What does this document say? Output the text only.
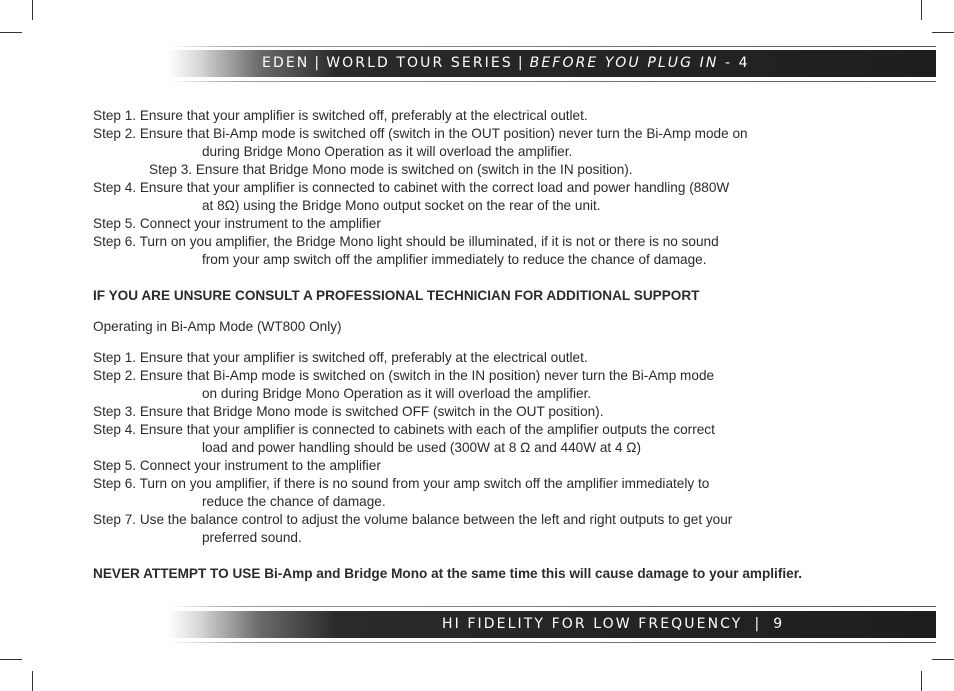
EDEN | WORLD TOUR SERIES | BEFORE YOU PLUG IN - 4
Step 1. Ensure that your amplifier is switched off, preferably at the electrical outlet.
Step 2. Ensure that Bi-Amp mode is switched off (switch in the OUT position) never turn the Bi-Amp mode on
during Bridge Mono Operation as it will overload the amplifier.
Step 3. Ensure that Bridge Mono mode is switched on (switch in the IN position).
Step 4. Ensure that your amplifier is connected to cabinet with the correct load and power handling (880W
at 8Ω) using the Bridge Mono output socket on the rear of the unit.
Step 5. Connect your instrument to the amplifier
Step 6. Turn on you amplifier, the Bridge Mono light should be illuminated, if it is not or there is no sound
from your amp switch off the amplifier immediately to reduce the chance of damage.
IF YOU ARE UNSURE CONSULT A PROFESSIONAL TECHNICIAN FOR ADDITIONAL SUPPORT
Operating in Bi-Amp Mode (WT800 Only)
Step 1. Ensure that your amplifier is switched off, preferably at the electrical outlet.
Step 2. Ensure that Bi-Amp mode is switched on (switch in the IN position) never turn the Bi-Amp mode
on during Bridge Mono Operation as it will overload the amplifier.
Step 3. Ensure that Bridge Mono mode is switched OFF (switch in the OUT position).
Step 4. Ensure that your amplifier is connected to cabinets with each of the amplifier outputs the correct
load and power handling should be used (300W at 8 Ω and 440W at 4 Ω)
Step 5. Connect your instrument to the amplifier
Step 6. Turn on you amplifier, if there is no sound from your amp switch off the amplifier immediately to
reduce the chance of damage.
Step 7. Use the balance control to adjust the volume balance between the left and right outputs to get your
preferred sound.
NEVER ATTEMPT TO USE Bi-Amp and Bridge Mono at the same time this will cause damage to your amplifier.
HI FIDELITY FOR LOW FREQUENCY | 9
